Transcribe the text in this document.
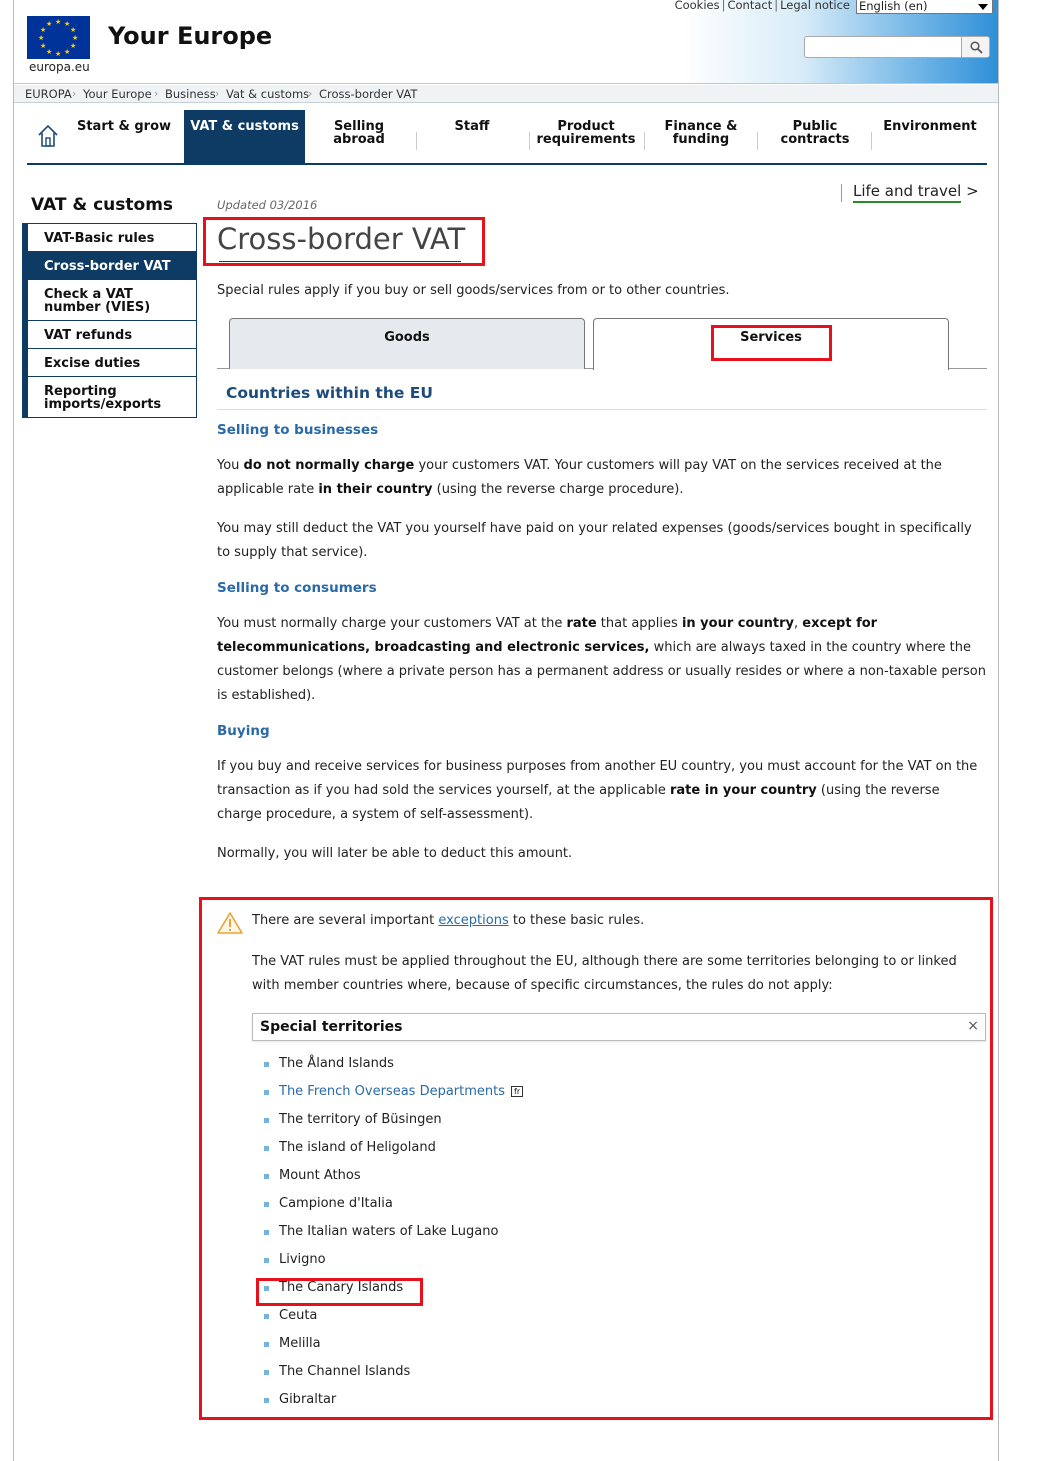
★ ★
★
★
★
★
★
★
★
★
★
★
europa.eu
Your Europe
Cookies | Contact | Legal notice English (en)
EUROPA › Your Europe › Business › Vat & customs
› Cross-border VAT
Start & grow	VAT & customs	Selling abroad
Staff	Product requirements
Finance & funding
Public contracts
Environment
VAT & customs
VAT-Basic rules
Cross-border VAT
Check a VAT number (VIES)
VAT refunds
Excise duties
Reporting imports/exports
Life and travel >
Updated 03/2016
Cross-border VAT
Special rules apply if you buy or sell goods/services from or to other countries.
Goods	Services
Countries within the EU
Selling to businesses

You do not normally charge your customers VAT. Your customers will pay VAT on the services received at the applicable rate in their country (using the reverse charge procedure).

You may still deduct the VAT you yourself have paid on your related expenses (goods/services bought in specifically to supply that service).

Selling to consumers

You must normally charge your customers VAT at the rate that applies in your country, except for telecommunications, broadcasting and electronic services, which are always taxed in the country where the customer belongs (where a private person has a permanent address or usually resides or where a non-taxable person is established).

Buying

If you buy and receive services for business purposes from another EU country, you must account for the VAT on the transaction as if you had sold the services yourself, at the applicable rate in your country (using the reverse charge procedure, a system of self-assessment).

Normally, you will later be able to deduct this amount.

There are several important exceptions to these basic rules.

The VAT rules must be applied throughout the EU, although there are some territories belonging to or linked with member countries where, because of specific circumstances, the rules do not apply:

Special territories	×
The Åland Islands
The French Overseas Departments fr
The territory of Büsingen
The island of Heligoland
Mount Athos
Campione d'Italia
The Italian waters of Lake Lugano
Livigno
The Canary Islands
Ceuta
Melilla
The Channel Islands
Gibraltar
